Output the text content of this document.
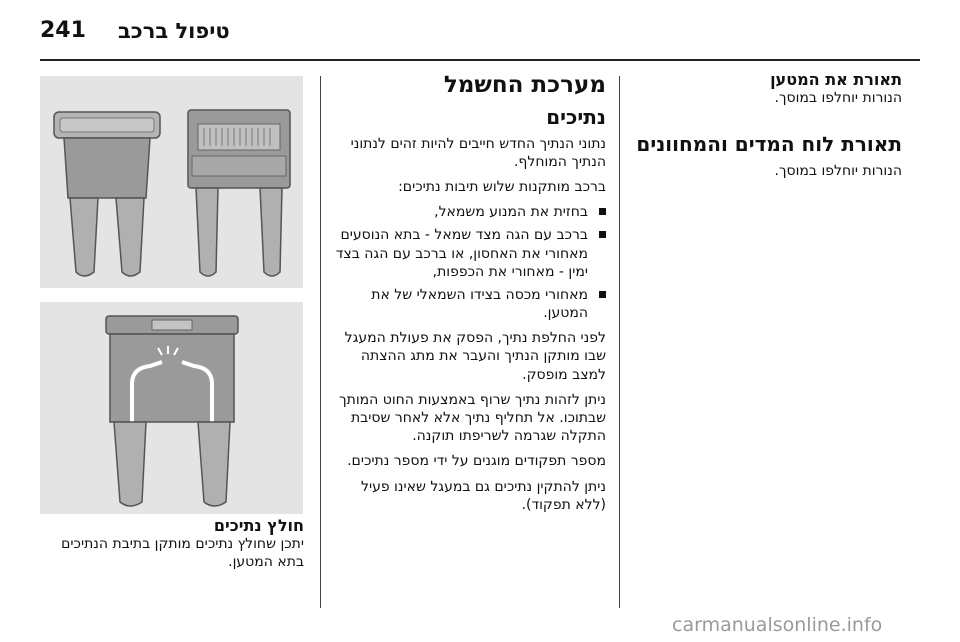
241 טיפול ברכב
תאורת את המטען
הנורות יוחלפו במוסך.
תאורת לוח המדים והמחוונים
הנורות יוחלפו במוסך.
מערכת החשמל
נתיכים
נתוני הנתיך החדש חייבים להיות זהים לנתוני הנתיך המוחלף.
ברכב מותקנות שלוש תיבות נתיכים:
בחזית את המנוע משמאל,
ברכב עם הגה מצד שמאל - בתא הנוסעים מאחורי את האחסון, או ברכב עם הגה בצד ימין - מאחורי את הכפפות,
מאחורי מכסה בצידו השמאלי של את המטען.
לפני החלפת נתיך, הפסק את פעולת המעגל שבו מותקן הנתיך והעבר את מתג ההצתה למצב מופסק.
ניתן לזהות נתיך שרוף באמצעות החוט המותך שבתוכו. אל תחליף נתיך אלא לאחר שסיבת התקלה שגרמה לשריפתו תוקנה.
מספר תפקודים מוגנים על ידי מספר נתיכים.
ניתן להתקין נתיכים גם במעגל שאינו פעיל (ללא תפקוד).
חולץ נתיכים
יתכן שחולץ נתיכים מותקן בתיבת הנתיכים בתא המטען.
carmanualsonline.info
